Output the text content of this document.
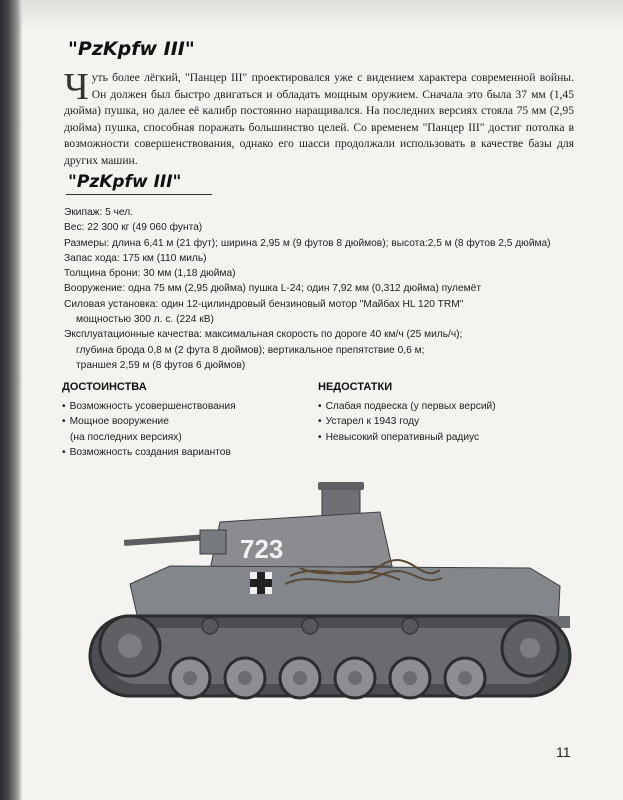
"PzKpfw III"

Чуть более лёгкий, "Панцер III" проектировался уже с видением характера современной войны. Он должен был быстро двигаться и обладать мощным оружием. Сначала это была 37 мм (1,45 дюйма) пушка, но далее её калибр постоянно наращивался. На последних версиях стояла 75 мм (2,95 дюйма) пушка, способная поражать большинство целей. Со временем "Панцер III" достиг потолка в возможности совершенствования, однако его шасси продолжали использовать в качестве базы для других машин.

"PzKpfw III"
Экипаж: 5 чел.
Вес: 22 300 кг (49 060 фунта)
Размеры: длина 6,41 м (21 фут); ширина 2,95 м (9 футов 8 дюймов); высота:2,5 м (8 футов 2,5 дюйма)
Запас хода: 175 км (110 миль)
Толщина брони: 30 мм (1,18 дюйма)
Вооружение: одна 75 мм (2,95 дюйма) пушка L-24; один 7,92 мм (0,312 дюйма) пулемёт
Силовая установка: один 12-цилиндровый бензиновый мотор "Майбах HL 120 TRM"
мощностью 300 л. с. (224 кВ)
Эксплуатационные качества: максимальная скорость по дороге 40 км/ч (25 миль/ч);
глубина брода 0,8 м (2 фута 8 дюймов); вертикальное препятствие 0,6 м;
траншея 2,59 м (8 футов 6 дюймов)
ДОСТОИНСТВА
• Возможность усовершенствования
• Мощное вооружение
(на последних версиях)
• Возможность создания вариантов
НЕДОСТАТКИ
• Слабая подвеска (у первых версий)
• Устарел к 1943 году
• Невысокий оперативный радиус
723
11
